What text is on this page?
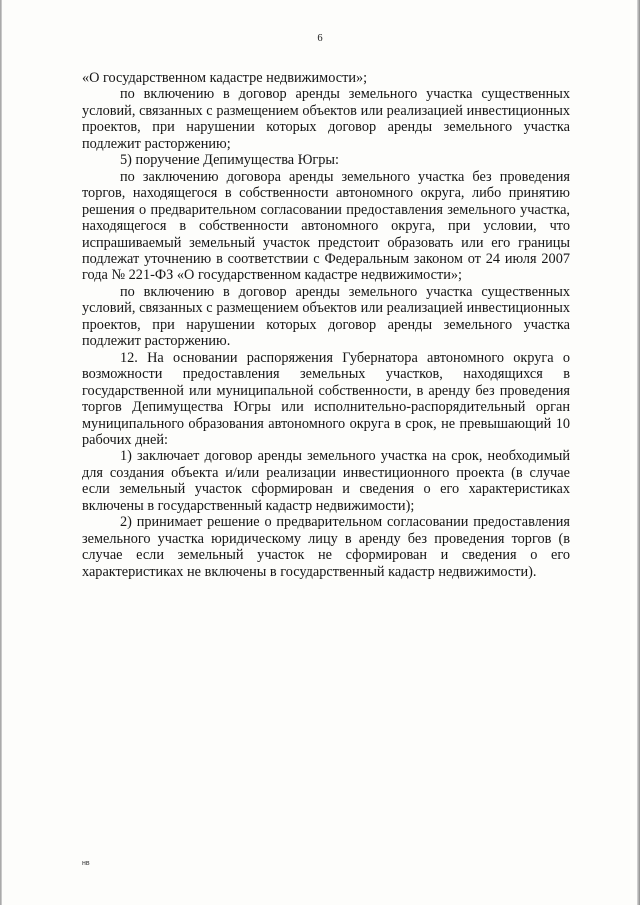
6

«О государственном кадастре недвижимости»;

по включению в договор аренды земельного участка существенных условий, связанных с размещением объектов или реализацией инвестиционных проектов, при нарушении которых договор аренды земельного участка подлежит расторжению;

5) поручение Депимущества Югры:

по заключению договора аренды земельного участка без проведения торгов, находящегося в собственности автономного округа, либо принятию решения о предварительном согласовании предоставления земельного участка, находящегося в собственности автономного округа, при условии, что испрашиваемый земельный участок предстоит образовать или его границы подлежат уточнению в соответствии с Федеральным законом от 24 июля 2007 года № 221-ФЗ «О государственном кадастре недвижимости»;

по включению в договор аренды земельного участка существенных условий, связанных с размещением объектов или реализацией инвестиционных проектов, при нарушении которых договор аренды земельного участка подлежит расторжению.

12. На основании распоряжения Губернатора автономного округа о возможности предоставления земельных участков, находящихся в государственной или муниципальной собственности, в аренду без проведения торгов Депимущества Югры или исполнительно-распорядительный орган муниципального образования автономного округа в срок, не превышающий 10 рабочих дней:

1) заключает договор аренды земельного участка на срок, необходимый для создания объекта и/или реализации инвестиционного проекта (в случае если земельный участок сформирован и сведения о его характеристиках включены в государственный кадастр недвижимости);

2) принимает решение о предварительном согласовании предоставления земельного участка юридическому лицу в аренду без проведения торгов (в случае если земельный участок не сформирован и сведения о его характеристиках не включены в государственный кадастр недвижимости).

нв
